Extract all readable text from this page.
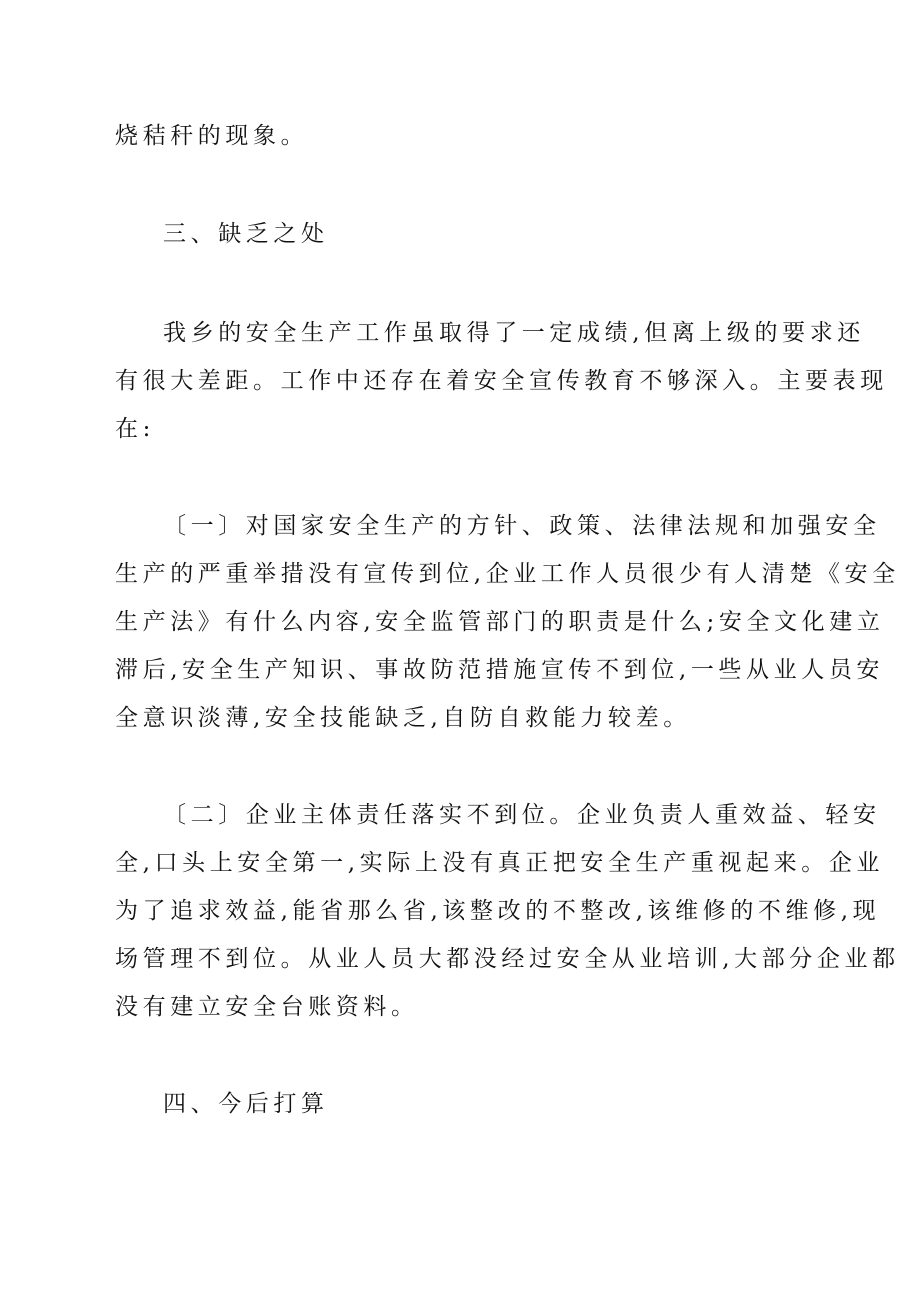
烧秸秆的现象。
三、缺乏之处
我乡的安全生产工作虽取得了一定成绩,但离上级的要求还
有很大差距。工作中还存在着安全宣传教育不够深入。主要表现
在:
〔一〕对国家安全生产的方针、政策、法律法规和加强安全
生产的严重举措没有宣传到位,企业工作人员很少有人清楚《安全
生产法》有什么内容,安全监管部门的职责是什么;安全文化建立
滞后,安全生产知识、事故防范措施宣传不到位,一些从业人员安
全意识淡薄,安全技能缺乏,自防自救能力较差。
〔二〕企业主体责任落实不到位。企业负责人重效益、轻安
全,口头上安全第一,实际上没有真正把安全生产重视起来。企业
为了追求效益,能省那么省,该整改的不整改,该维修的不维修,现
场管理不到位。从业人员大都没经过安全从业培训,大部分企业都
没有建立安全台账资料。
四、今后打算
